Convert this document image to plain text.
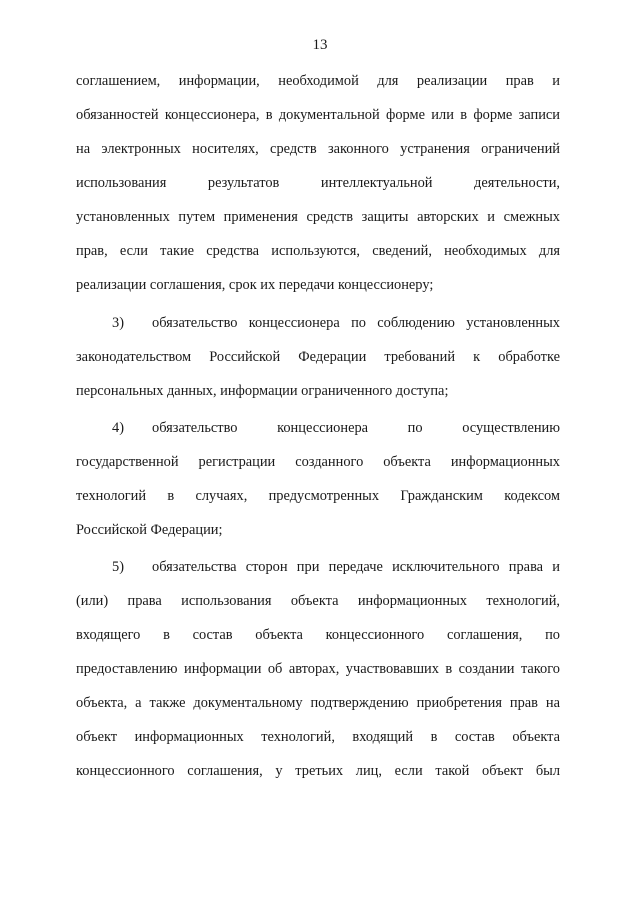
13
соглашением, информации, необходимой для реализации прав и
обязанностей концессионера, в документальной форме или в форме записи
на электронных носителях, средств законного устранения ограничений
использования результатов интеллектуальной деятельности,
установленных путем применения средств защиты авторских и смежных
прав, если такие средства используются, сведений, необходимых для
реализации соглашения, срок их передачи концессионеру;
3) обязательство концессионера по соблюдению установленных
законодательством Российской Федерации требований к обработке
персональных данных, информации ограниченного доступа;
4) обязательство концессионера по осуществлению
государственной регистрации созданного объекта информационных
технологий в случаях, предусмотренных Гражданским кодексом
Российской Федерации;
5) обязательства сторон при передаче исключительного права и
(или) права использования объекта информационных технологий,
входящего в состав объекта концессионного соглашения, по
предоставлению информации об авторах, участвовавших в создании такого
объекта, а также документальному подтверждению приобретения прав на
объект информационных технологий, входящий в состав объекта
концессионного соглашения, у третьих лиц, если такой объект был
